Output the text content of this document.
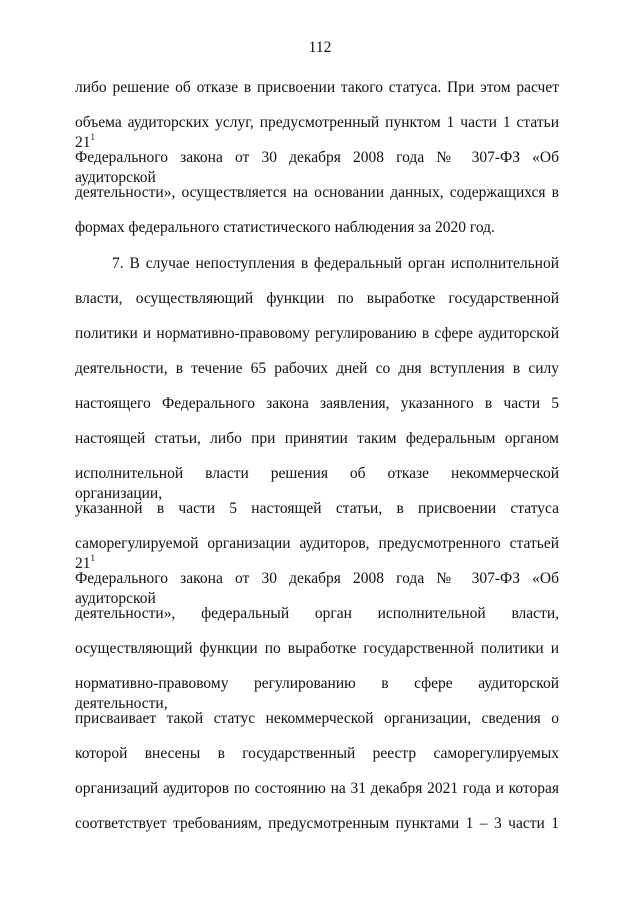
112
либо решение об отказе в присвоении такого статуса. При этом расчет
объема аудиторских услуг, предусмотренный пунктом 1 части 1 статьи $21^1$
Федерального закона от 30 декабря 2008 года № 307-ФЗ «Об аудиторской
деятельности», осуществляется на основании данных, содержащихся в
формах федерального статистического наблюдения за 2020 год.
7. В случае непоступления в федеральный орган исполнительной
власти, осуществляющий функции по выработке государственной
политики и нормативно-правовому регулированию в сфере аудиторской
деятельности, в течение 65 рабочих дней со дня вступления в силу
настоящего Федерального закона заявления, указанного в части 5
настоящей статьи, либо при принятии таким федеральным органом
исполнительной власти решения об отказе некоммерческой организации,
указанной в части 5 настоящей статьи, в присвоении статуса
саморегулируемой организации аудиторов, предусмотренного статьей $21^1$
Федерального закона от 30 декабря 2008 года № 307-ФЗ «Об аудиторской
деятельности», федеральный орган исполнительной власти,
осуществляющий функции по выработке государственной политики и
нормативно-правовому регулированию в сфере аудиторской деятельности,
присваивает такой статус некоммерческой организации, сведения о
которой внесены в государственный реестр саморегулируемых
организаций аудиторов по состоянию на 31 декабря 2021 года и которая
соответствует требованиям, предусмотренным пунктами 1 – 3 части 1
